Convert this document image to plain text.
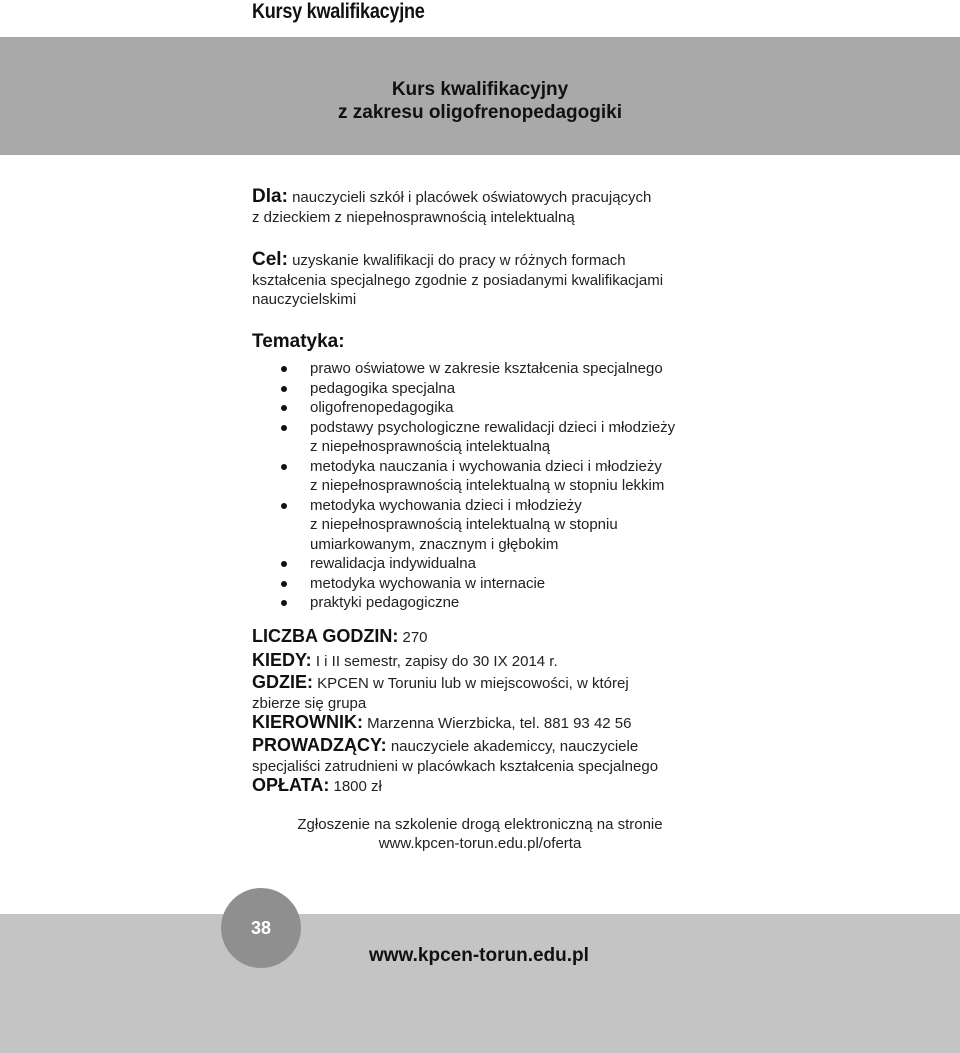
Kursy kwalifikacyjne
Kurs kwalifikacyjny
z zakresu oligofrenopedagogiki
Dla: nauczycieli szkół i placówek oświatowych pracujących
z dzieckiem z niepełnosprawnością intelektualną
Cel: uzyskanie kwalifikacji do pracy w różnych formach
kształcenia specjalnego zgodnie z posiadanymi kwalifikacjami
nauczycielskimi
Tematyka:
prawo oświatowe w zakresie kształcenia specjalnego
pedagogika specjalna
oligofrenopedagogika
podstawy psychologiczne rewalidacji dzieci i młodzieży
z niepełnosprawnością intelektualną
metodyka nauczania i wychowania dzieci i młodzieży
z niepełnosprawnością intelektualną w stopniu lekkim
metodyka wychowania dzieci i młodzieży
z niepełnosprawnością intelektualną w stopniu
umiarkowanym, znacznym i głębokim
rewalidacja indywidualna
metodyka wychowania w internacie
praktyki pedagogiczne
LICZBA GODZIN: 270
KIEDY: I i II semestr, zapisy do 30 IX 2014 r.
GDZIE: KPCEN w Toruniu lub w miejscowości, w której
zbierze się grupa
KIEROWNIK: Marzenna Wierzbicka, tel. 881 93 42 56
PROWADZĄCY: nauczyciele akademiccy, nauczyciele
specjaliści zatrudnieni w placówkach kształcenia specjalnego
OPŁATA: 1800 zł
Zgłoszenie na szkolenie drogą elektroniczną na stronie
www.kpcen-torun.edu.pl/oferta
38

www.kpcen-torun.edu.pl
